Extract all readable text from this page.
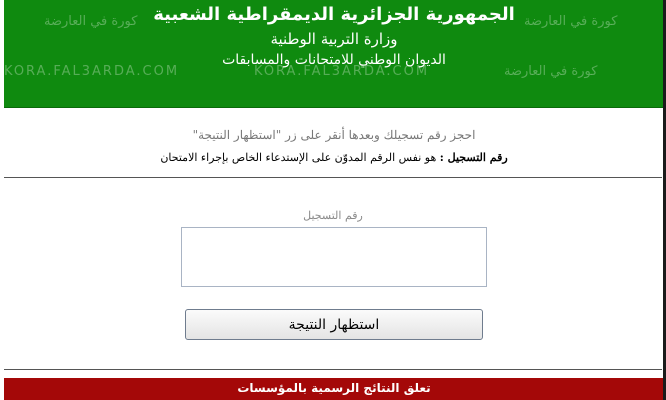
كورة في العارضة	كورة في العارضة
KORA.FAL3ARDA.COM	KORA.FAL3ARDA.COM	كورة في العارضة
الجمهورية الجزائرية الديمقراطية الشعبية
وزارة التربية الوطنية
الديوان الوطني للامتحانات والمسابقات
احجز رقم تسجيلك وبعدها أنقر على زر "استظهار النتيجة"
رقم التسجيل : هو نفس الرقم المدوّن على الإستدعاء الخاص بإجراء الامتحان
رقم التسجيل
استظهار النتيجة
تعلق النتائج الرسمية بالمؤسسات
